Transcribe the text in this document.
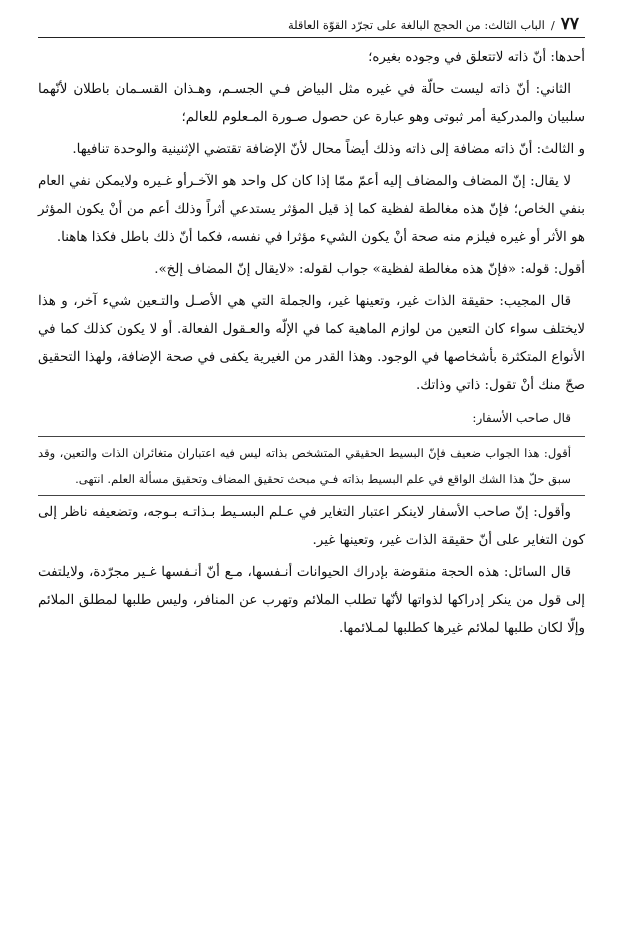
٧٧
/
الباب الثالث: من الحجج البالغة على تجرّد القوّة العاقلة

أحدها: أنّ ذاته لاتتعلق في وجوده بغيره؛

الثاني: أنّ ذاته ليست حالّة في غيره مثل البياض فـي الجسـم، وهـذان القسـمان باطلان لأنّهما سلبيان والمدركية أمر ثبوتى وهو عبارة عن حصول صـورة المـعلوم للعالم؛

و الثالث: أنّ ذاته مضافة إلى ذاته وذلك أيضاً محال لأنّ الإضافة تقتضي الإثنينية والوحدة تنافيها.

لا يقال: إنّ المضاف والمضاف إليه أعمّ ممّا إذا كان كل واحد هو الآخـرأو غـيره ولايمكن نفي العام بنفي الخاص؛ فإنّ هذه مغالطة لفظية كما إذ قيل المؤثر يستدعي أثراً وذلك أعم من أنْ يكون المؤثر هو الأثر أو غيره فيلزم منه صحة أنْ يكون الشيء مؤثرا في نفسه، فكما أنّ ذلك باطل فكذا هاهنا.

أقول: قوله: «فإنّ هذه مغالطة لفظية» جواب لقوله: «لايقال إنّ المضاف إلخ».

قال المجيب: حقيقة الذات غير، وتعينها غير، والجملة التي هي الأصـل والتـعين شيء آخر، و هذا لايختلف سواء كان التعين من لوازم الماهية كما في الإلّه والعـقول الفعالة. أو لا يكون كذلك كما في الأنواع المتكثرة بأشخاصها في الوجود. وهذا القدر من الغيرية يكفى في صحة الإضافة، ولهذا التحقيق صحّ منك أنْ تقول: ذاتي وذاتك.

قال صاحب الأسفار:

أقول: هذا الجواب ضعيف فإنّ البسيط الحقيقي المتشخص بذاته ليس فيه اعتباران متغائران الذات والتعين، وقد سبق حلّ هذا الشك الواقع في علم البسيط بذاته فـي مبحث تحقيق المضاف وتحقيق مسألة العلم. انتهى.

وأقول: إنّ صاحب الأسفار لاينكر اعتبار التغاير في عـلم البسـيط بـذاتـه بـوجه، وتضعيفه ناظر إلى كون التغاير على أنّ حقيقة الذات غير، وتعينها غير.

قال السائل: هذه الحجة منقوضة بإدراك الحيوانات أنـفسها، مـع أنّ أنـفسها غـير مجرّدة، ولايلتفت إلى قول من ينكر إدراكها لذواتها لأنّها تطلب الملائم وتهرب عن المنافر، وليس طلبها لمطلق الملائم وإلّا لكان طلبها لملائم غيرها كطلبها لمـلائمها.
